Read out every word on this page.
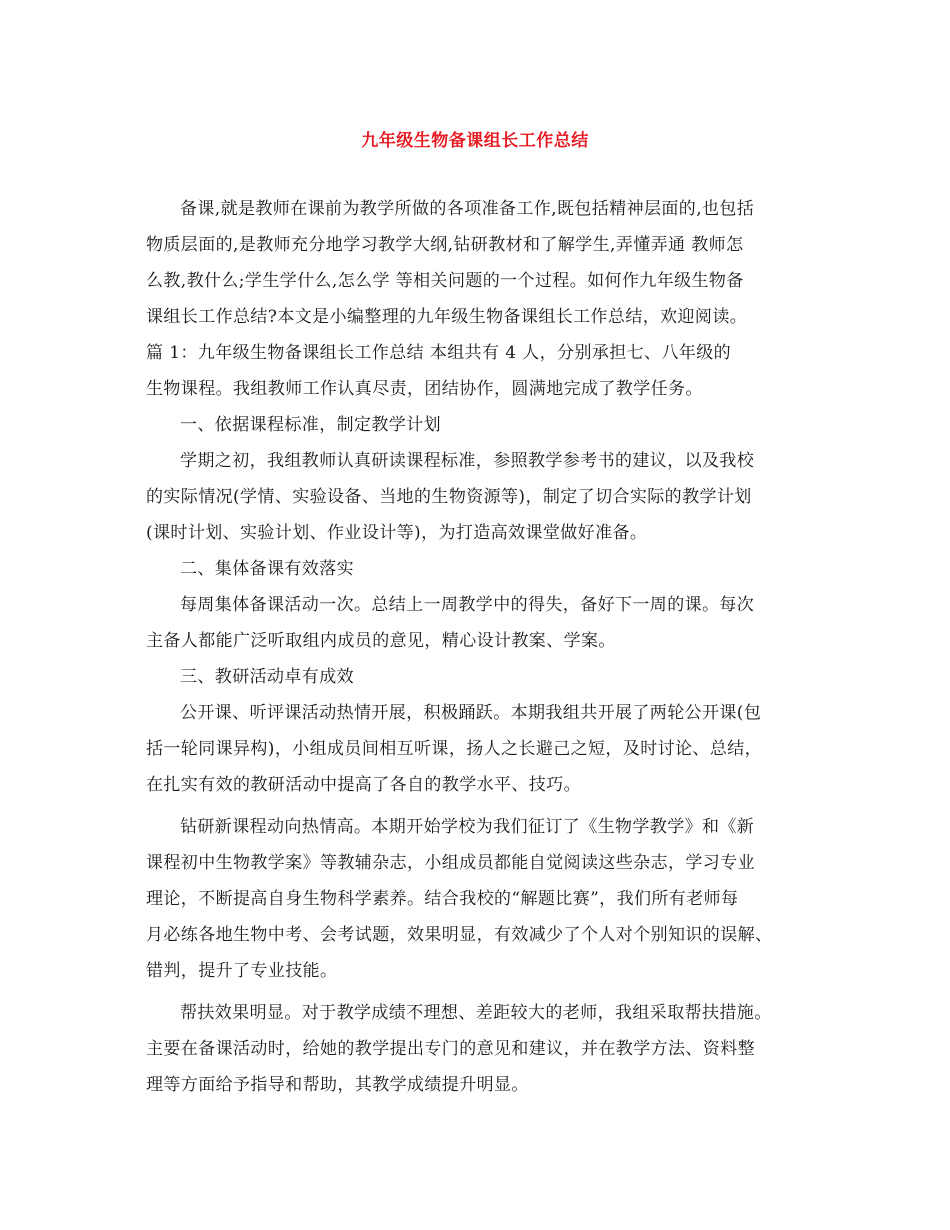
九年级生物备课组长工作总结
备课,就是教师在课前为教学所做的各项准备工作,既包括精神层面的,也包括
物质层面的,是教师充分地学习教学大纲,钻研教材和了解学生,弄懂弄通 教师怎
么教,教什么;学生学什么,怎么学 等相关问题的一个过程。如何作九年级生物备
课组长工作总结?本文是小编整理的九年级生物备课组长工作总结，欢迎阅读。
篇 1：九年级生物备课组长工作总结 本组共有 4 人，分别承担七、八年级的
生物课程。我组教师工作认真尽责，团结协作，圆满地完成了教学任务。
一、依据课程标准，制定教学计划
学期之初，我组教师认真研读课程标准，参照教学参考书的建议，以及我校
的实际情况(学情、实验设备、当地的生物资源等)，制定了切合实际的教学计划
(课时计划、实验计划、作业设计等)，为打造高效课堂做好准备。
二、集体备课有效落实
每周集体备课活动一次。总结上一周教学中的得失，备好下一周的课。每次
主备人都能广泛听取组内成员的意见，精心设计教案、学案。
三、教研活动卓有成效
公开课、听评课活动热情开展，积极踊跃。本期我组共开展了两轮公开课(包
括一轮同课异构)，小组成员间相互听课，扬人之长避己之短，及时讨论、总结，
在扎实有效的教研活动中提高了各自的教学水平、技巧。
钻研新课程动向热情高。本期开始学校为我们征订了《生物学教学》和《新
课程初中生物教学案》等教辅杂志，小组成员都能自觉阅读这些杂志，学习专业
理论，不断提高自身生物科学素养。结合我校的“解题比赛”，我们所有老师每
月必练各地生物中考、会考试题，效果明显，有效减少了个人对个别知识的误解、
错判，提升了专业技能。
帮扶效果明显。对于教学成绩不理想、差距较大的老师，我组采取帮扶措施。
主要在备课活动时，给她的教学提出专门的意见和建议，并在教学方法、资料整
理等方面给予指导和帮助，其教学成绩提升明显。
